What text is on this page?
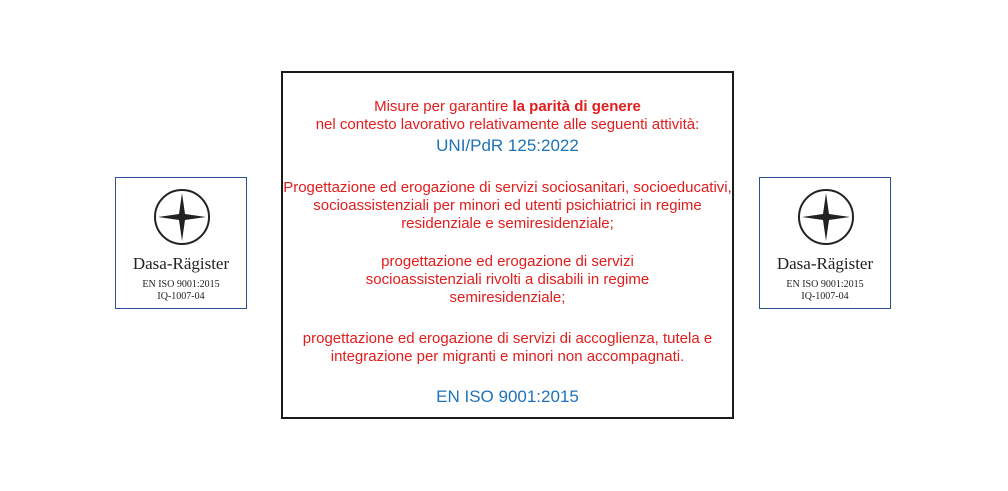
Dasa-Rägister
EN ISO 9001:2015
IQ-1007-04
Misure per garantire la parità di genere
nel contesto lavorativo relativamente alle seguenti attività:
UNI/PdR 125:2022
Progettazione ed erogazione di servizi sociosanitari, socioeducativi, socioassistenziali per minori ed utenti psichiatrici in regime residenziale e semiresidenziale;
progettazione ed erogazione di servizi socioassistenziali rivolti a disabili in regime semiresidenziale;
progettazione ed erogazione di servizi di accoglienza, tutela e integrazione per migranti e minori non accompagnati.
EN ISO 9001:2015
Dasa-Rägister
EN ISO 9001:2015
IQ-1007-04
